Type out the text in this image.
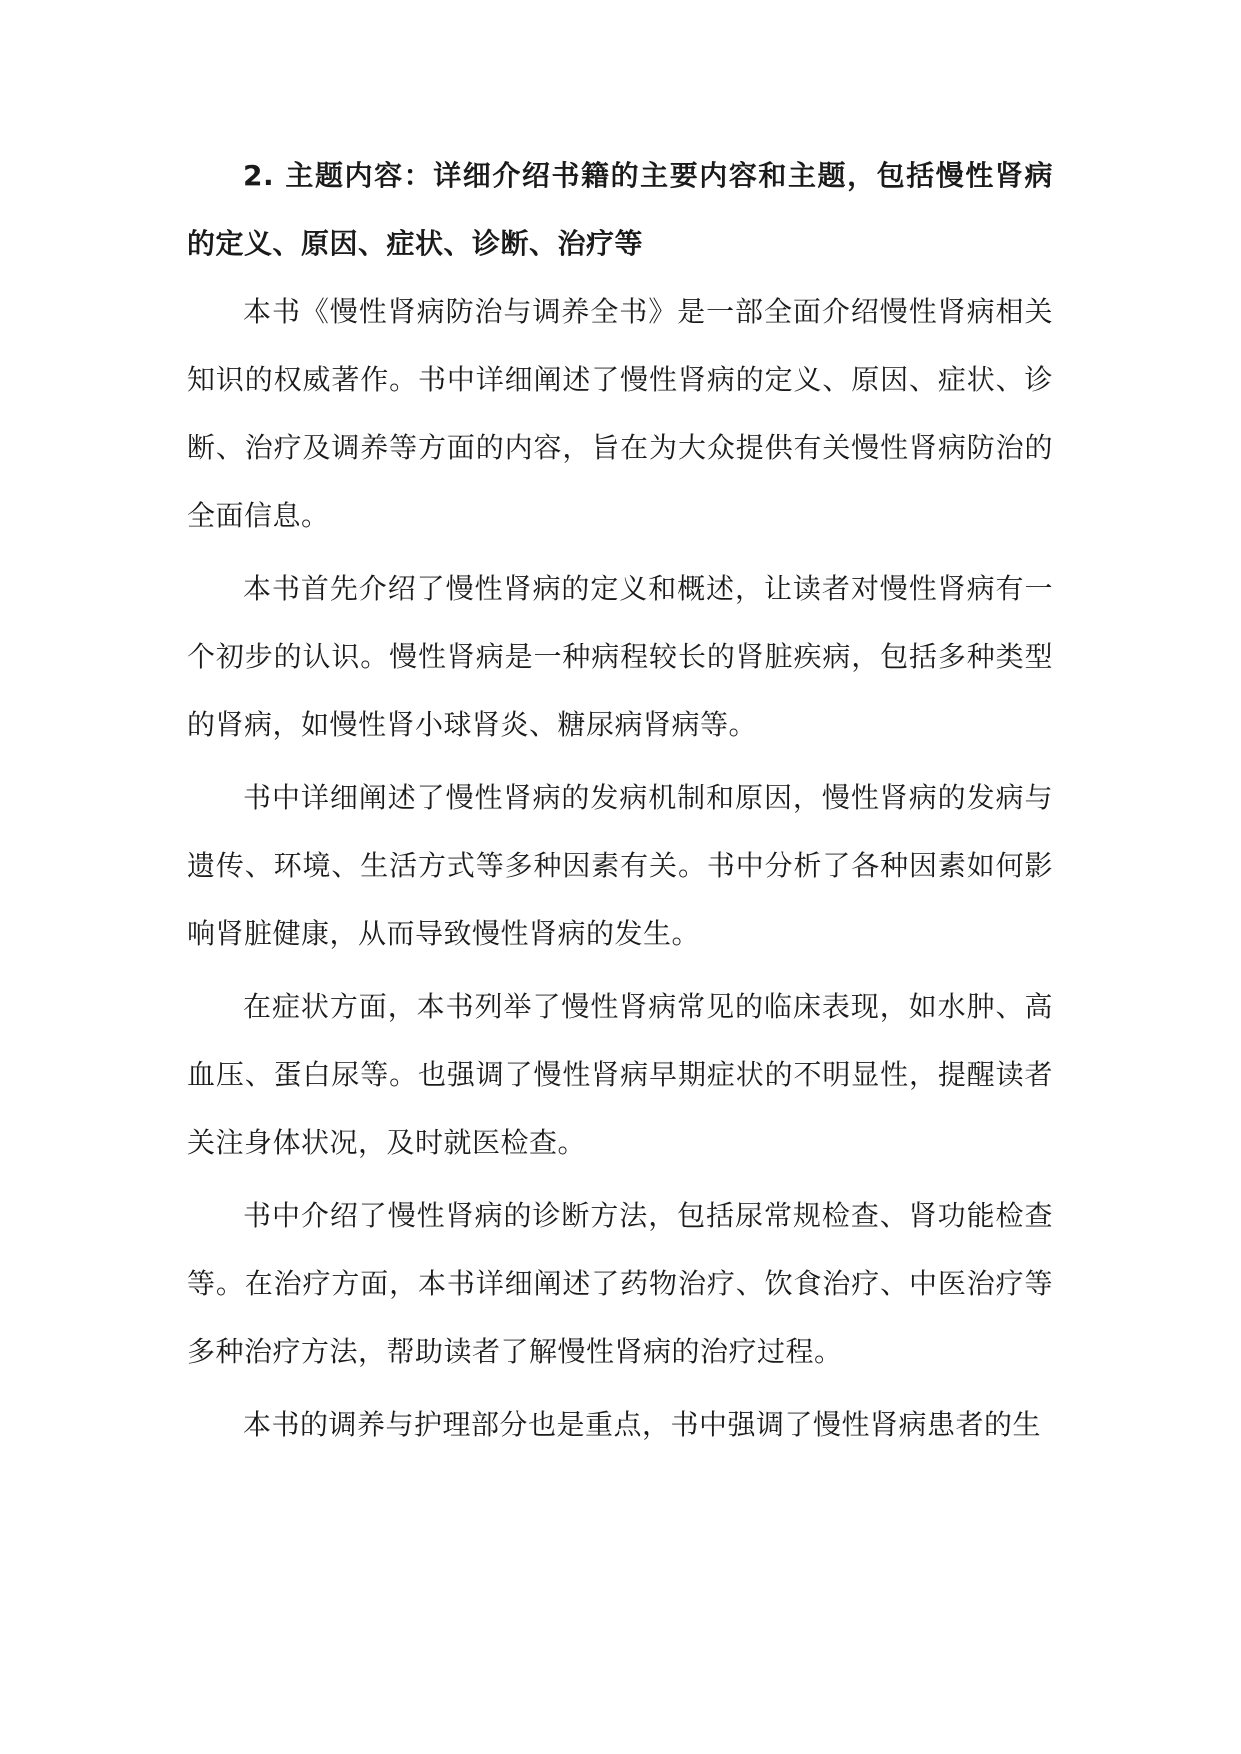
2. 主题内容：详细介绍书籍的主要内容和主题，包括慢性肾病的定义、原因、症状、诊断、治疗等

本书《慢性肾病防治与调养全书》是一部全面介绍慢性肾病相关知识的权威著作。书中详细阐述了慢性肾病的定义、原因、症状、诊断、治疗及调养等方面的内容，旨在为大众提供有关慢性肾病防治的全面信息。

本书首先介绍了慢性肾病的定义和概述，让读者对慢性肾病有一个初步的认识。慢性肾病是一种病程较长的肾脏疾病，包括多种类型的肾病，如慢性肾小球肾炎、糖尿病肾病等。

书中详细阐述了慢性肾病的发病机制和原因，慢性肾病的发病与遗传、环境、生活方式等多种因素有关。书中分析了各种因素如何影响肾脏健康，从而导致慢性肾病的发生。

在症状方面，本书列举了慢性肾病常见的临床表现，如水肿、高血压、蛋白尿等。也强调了慢性肾病早期症状的不明显性，提醒读者关注身体状况，及时就医检查。

书中介绍了慢性肾病的诊断方法，包括尿常规检查、肾功能检查等。在治疗方面，本书详细阐述了药物治疗、饮食治疗、中医治疗等多种治疗方法，帮助读者了解慢性肾病的治疗过程。

本书的调养与护理部分也是重点，书中强调了慢性肾病患者的生
